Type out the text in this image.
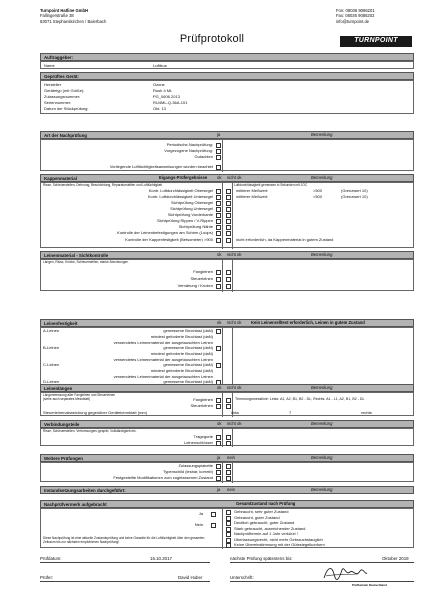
Turnpoint Hatline GmbH
Fallingerstraße 38
83071 Stephanskirchen / Baierbach
Fon: 08036 9086201
Fax: 08036 9086202
info@turnpoint.de
Prüfprotokoll	TURNPOINT
Auftraggeber:
Name	Luftikus
Geprüftes Gerät:
Hersteller	Ozone
Gerätetyp (mit Größe):	Rush 4 ML
Zulassungsnummer:	PG_0606.2013
Seriennummer:	RU4ML-Q-36A-101
Datum der Stückprüfung:	Okt. 13
Art der Nachprüfung	ja	Bemerkung
Periodische-Nachprüfung:
Vorgezogene Nachprüfung:
Gutachten
Vorliegende Lufttüchtigkeitsanweisungen wurden beachtet
Kappenmaterial	Eigangs-Prüfergebnisse ok nicht ok	Bemerkung
Risse, Schleuerstellen, Dehnung, Beschichtung, Reparaturstellen und Lufttüchtigkeit	Luftdurchlässigkeit gemessen in Sekunden mit JOC
Kontr. Luftdurchlässigkeit Obersegel	mittlerer Meßwert:	>500	(Grenzwert 10)
Kontr. Luftdurchlässigkeit Untersegel	mittlerer Meßwert:	>500	(Grenzwert 10)
Sichtprüfung Obersegel
Sichtprüfung Untersegel
Sichtprüfung Vorderkante
Sichtprüfung Rippen / V-Rippen
Sichtprüfung Nähte
Kontrolle der Leinenbefestigungen am Schirm (Loops)
Kontrolle der Kappenfestigkeit (Betsometer) >900	nicht erforderlich, da Kappenmaterial in gutem Zustand
Leinenmaterial - Sichtkontrolle	ok nicht ok	Bemerkung
Längen, Risse, Knicke, Schleuerstellen, starke Abnutzungen
Fangleinen
Steuerleinen
Vernähung / Knoten
Leinenfestigkeit	ok nicht ok Kein Leinenrelltest erforderlich, Leinen in gutem Zustand
A-Leinen	gemessene Bruchlast (daN)
mindest geforderte Bruchlast (daN)
verwendetes Leinenmaterial der ausgetauschten Leinen
B-Leinen	gemessene Bruchlast (daN)
mindest geforderte Bruchlast (daN)
verwendetes Leinenmaterial der ausgetauschten Leinen
C-Leinen	gemessene Bruchlast (daN)
mindest geforderte Bruchlast (daN)
verwendetes Leinenmaterial der ausgetauschten Leinen
D-Leinen	gemessene Bruchlast (daN)
Leinenlängen	ok nicht ok	Bemerkung
Längenmessung aller Fangleinen und Steuerleinen
(siehe auch separates Messblatt)	Fangleinen	Trimmungsmesslinie: Links: A1, A2, B1, B2 - DL; Rechts: A1 - L1, A2, B1, B2 - DL
Steuerleinen
Steuerleinenabweichung gegenüber Gerätekennblatt (mm)	links	7	rechts
Verbindungsteile	ok nicht ok	Bemerkung
Risse, Schleuerstellen, Verformungen/-gespiel, Vollständigkeit etc.
Tragegurte
Leinenschlösser
Weitere Prüfungen	ja nein	Bemerkung
Zulassungsplakette
Typenschild (lesbar, korrekt)
Festgestellte Modifikationen zum zugelassenen Zustand
Instandsetzungsarbeiten durchgeführt:	ja nein	Bemerkung
Nachprüfvermerk aufgebracht	Gesamtzustand nach Prüfung
Ja
Nein
Diese Nachprüfung ist eine aktuelle Zustandsprüfung und keine Garantie für die Lufttüchtigkeit über den gesamten Zeitraum bis zur nächsten empfohlenen Nachprüfung!
Gebraucht, sehr guter Zustand
Gebraucht, guter Zustand
Deutlich gebraucht, guter Zustand
Stark gebraucht, ausreichender Zustand
Nachprüftermin auf 1 Jahr verkürzt !
Überlassungsrecht, nicht mehr Gebrauchstauglich
Keine Übereinstimmung mit der Gütesiegelkonform
Prüfdatum:	16.10.2017	nächste Prüfung spätestens bis:	Oktober 2019
Prüfer:	David Huber	Unterschrift:
Prüfbetrieb Deutschland
